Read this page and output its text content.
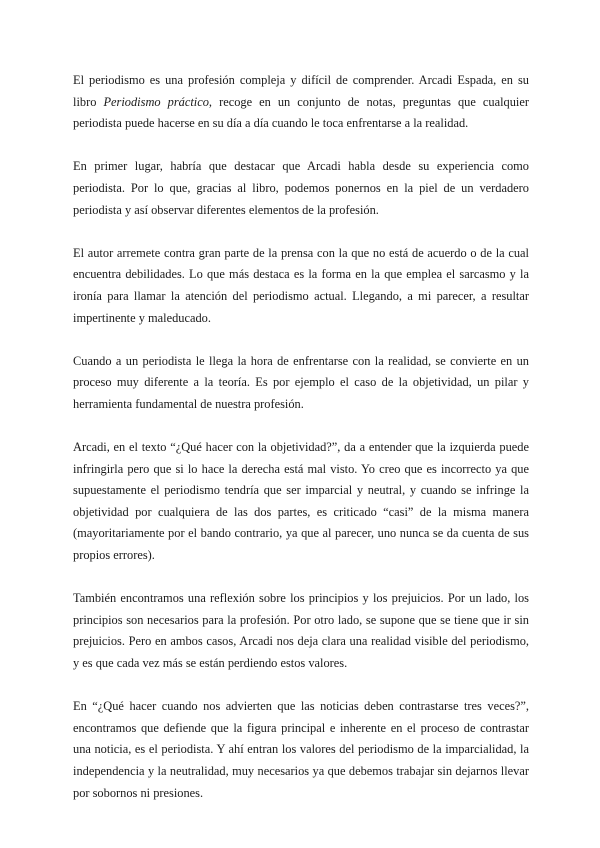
El periodismo es una profesión compleja y difícil de comprender. Arcadi Espada, en su libro Periodismo práctico, recoge en un conjunto de notas, preguntas que cualquier periodista puede hacerse en su día a día cuando le toca enfrentarse a la realidad.

En primer lugar, habría que destacar que Arcadi habla desde su experiencia como periodista. Por lo que, gracias al libro, podemos ponernos en la piel de un verdadero periodista y así observar diferentes elementos de la profesión.

El autor arremete contra gran parte de la prensa con la que no está de acuerdo o de la cual encuentra debilidades. Lo que más destaca es la forma en la que emplea el sarcasmo y la ironía para llamar la atención del periodismo actual. Llegando, a mi parecer, a resultar impertinente y maleducado.

Cuando a un periodista le llega la hora de enfrentarse con la realidad, se convierte en un proceso muy diferente a la teoría. Es por ejemplo el caso de la objetividad, un pilar y herramienta fundamental de nuestra profesión.

Arcadi, en el texto “¿Qué hacer con la objetividad?”, da a entender que la izquierda puede infringirla pero que si lo hace la derecha está mal visto. Yo creo que es incorrecto ya que supuestamente el periodismo tendría que ser imparcial y neutral, y cuando se infringe la objetividad por cualquiera de las dos partes, es criticado “casi” de la misma manera (mayoritariamente por el bando contrario, ya que al parecer, uno nunca se da cuenta de sus propios errores).

También encontramos una reflexión sobre los principios y los prejuicios. Por un lado, los principios son necesarios para la profesión. Por otro lado, se supone que se tiene que ir sin prejuicios. Pero en ambos casos, Arcadi nos deja clara una realidad visible del periodismo, y es que cada vez más se están perdiendo estos valores.

En “¿Qué hacer cuando nos advierten que las noticias deben contrastarse tres veces?”, encontramos que defiende que la figura principal e inherente en el proceso de contrastar una noticia, es el periodista. Y ahí entran los valores del periodismo de la imparcialidad, la independencia y la neutralidad, muy necesarios ya que debemos trabajar sin dejarnos llevar por sobornos ni presiones.
